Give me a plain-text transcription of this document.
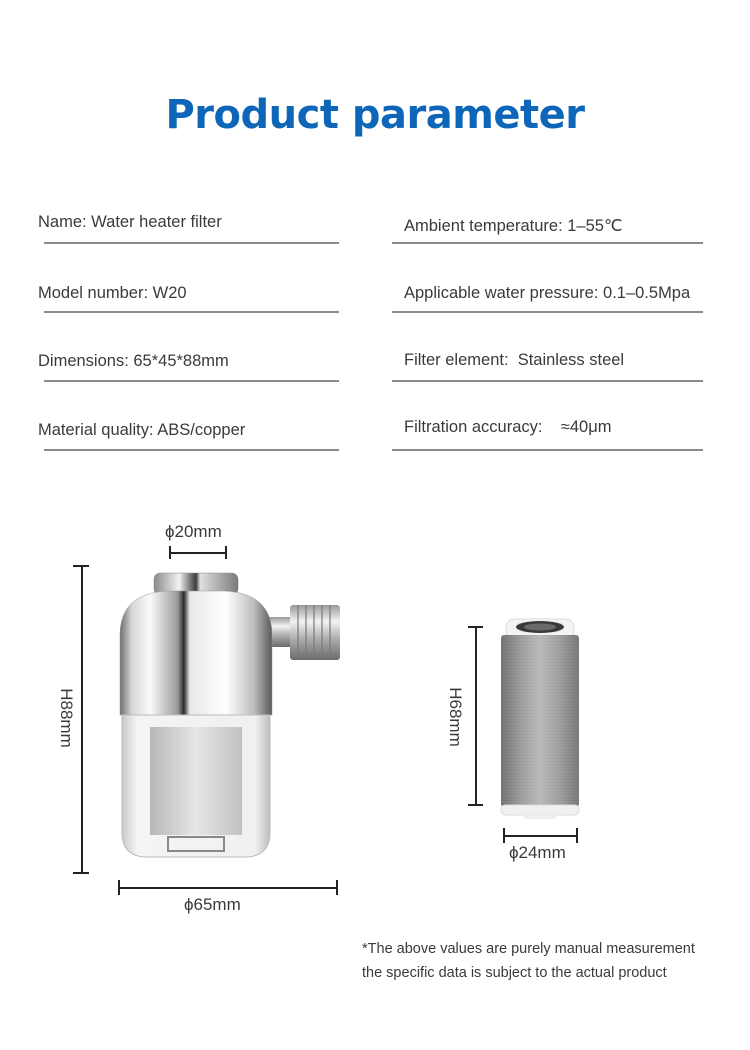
Product parameter
Name: Water heater filter
Model number: W20
Dimensions: 65*45*88mm
Material quality: ABS/copper
Ambient temperature: 1–55℃
Applicable water pressure: 0.1–0.5Mpa
Filter element:  Stainless steel
Filtration accuracy:    ≈40μm
ϕ20mm
H88mm
ϕ65mm
H68mm
ϕ24mm
*The above values are purely manual measurement
the specific data is subject to the actual product
